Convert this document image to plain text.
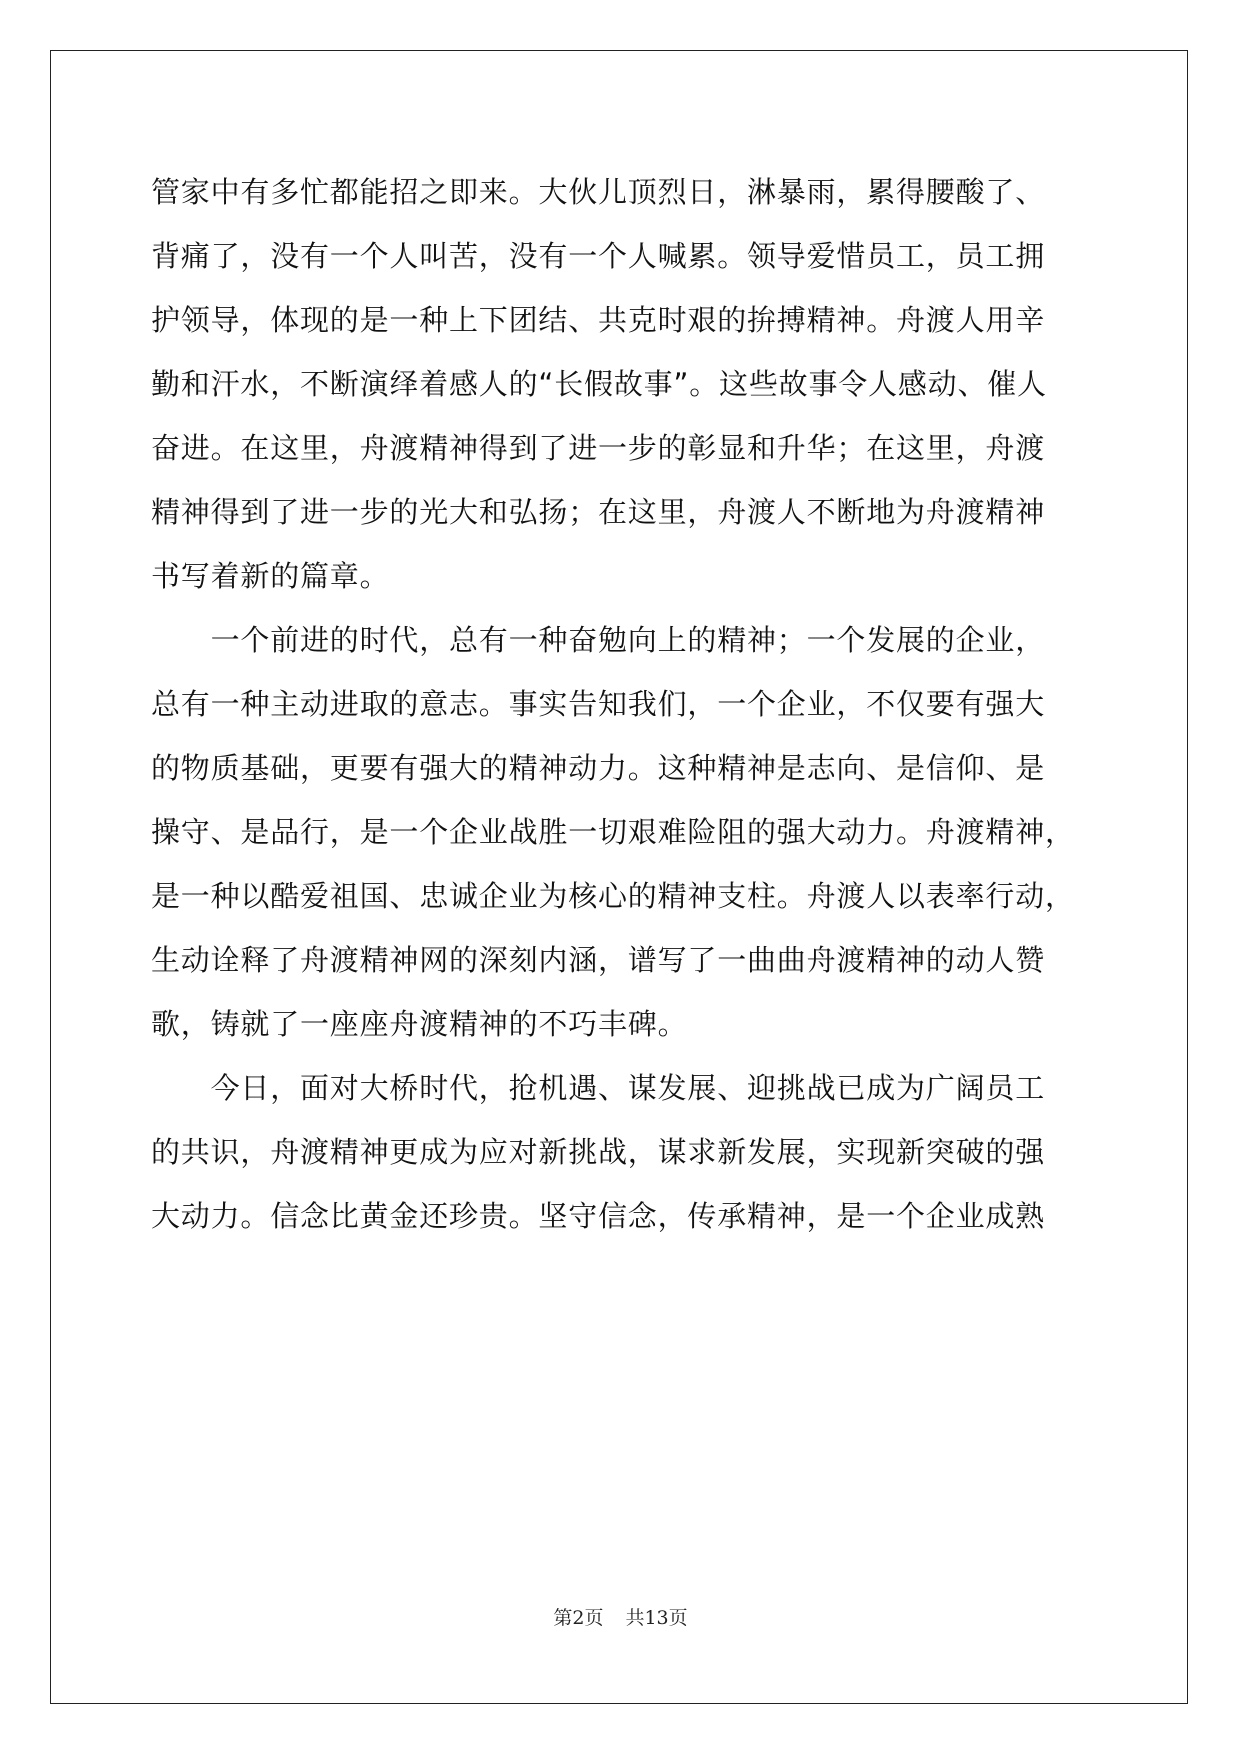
管家中有多忙都能招之即来。大伙儿顶烈日，淋暴雨，累得腰酸了、
背痛了，没有一个人叫苦，没有一个人喊累。领导爱惜员工，员工拥
护领导，体现的是一种上下团结、共克时艰的拚搏精神。舟渡人用辛
勤和汗水，不断演绎着感人的“长假故事”。这些故事令人感动、催人
奋进。在这里，舟渡精神得到了进一步的彰显和升华；在这里，舟渡
精神得到了进一步的光大和弘扬；在这里，舟渡人不断地为舟渡精神
书写着新的篇章。
　　一个前进的时代，总有一种奋勉向上的精神；一个发展的企业，
总有一种主动进取的意志。事实告知我们，一个企业，不仅要有强大
的物质基础，更要有强大的精神动力。这种精神是志向、是信仰、是
操守、是品行，是一个企业战胜一切艰难险阻的强大动力。舟渡精神，
是一种以酷爱祖国、忠诚企业为核心的精神支柱。舟渡人以表率行动，
生动诠释了舟渡精神网的深刻内涵，谱写了一曲曲舟渡精神的动人赞
歌，铸就了一座座舟渡精神的不巧丰碑。
　　今日，面对大桥时代，抢机遇、谋发展、迎挑战已成为广阔员工
的共识，舟渡精神更成为应对新挑战，谋求新发展，实现新突破的强
大动力。信念比黄金还珍贵。坚守信念，传承精神，是一个企业成熟
第2页 共13页
